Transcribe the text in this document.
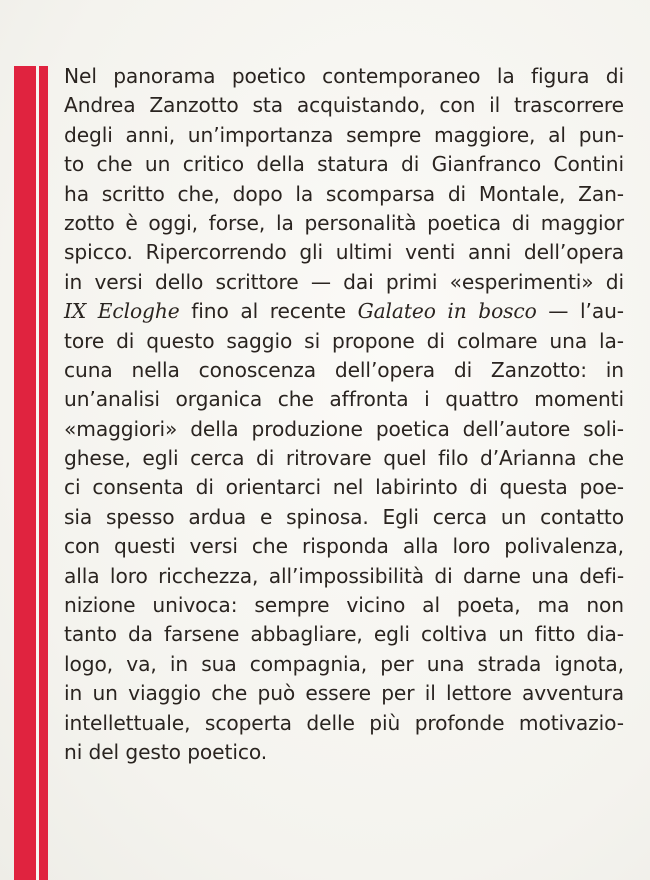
Nel panorama poetico contemporaneo la figura di
Andrea Zanzotto sta acquistando, con il trascorrere
degli anni, un’importanza sempre maggiore, al pun-
to che un critico della statura di Gianfranco Contini
ha scritto che, dopo la scomparsa di Montale, Zan-
zotto è oggi, forse, la personalità poetica di maggior
spicco. Ripercorrendo gli ultimi venti anni dell’opera
in versi dello scrittore — dai primi «esperimenti» di
IX Ecloghe fino al recente Galateo in bosco — l’au-
tore di questo saggio si propone di colmare una la-
cuna nella conoscenza dell’opera di Zanzotto: in
un’analisi organica che affronta i quattro momenti
«maggiori» della produzione poetica dell’autore soli-
ghese, egli cerca di ritrovare quel filo d’Arianna che
ci consenta di orientarci nel labirinto di questa poe-
sia spesso ardua e spinosa. Egli cerca un contatto
con questi versi che risponda alla loro polivalenza,
alla loro ricchezza, all’impossibilità di darne una defi-
nizione univoca: sempre vicino al poeta, ma non
tanto da farsene abbagliare, egli coltiva un fitto dia-
logo, va, in sua compagnia, per una strada ignota,
in un viaggio che può essere per il lettore avventura
intellettuale, scoperta delle più profonde motivazio-
ni del gesto poetico.
